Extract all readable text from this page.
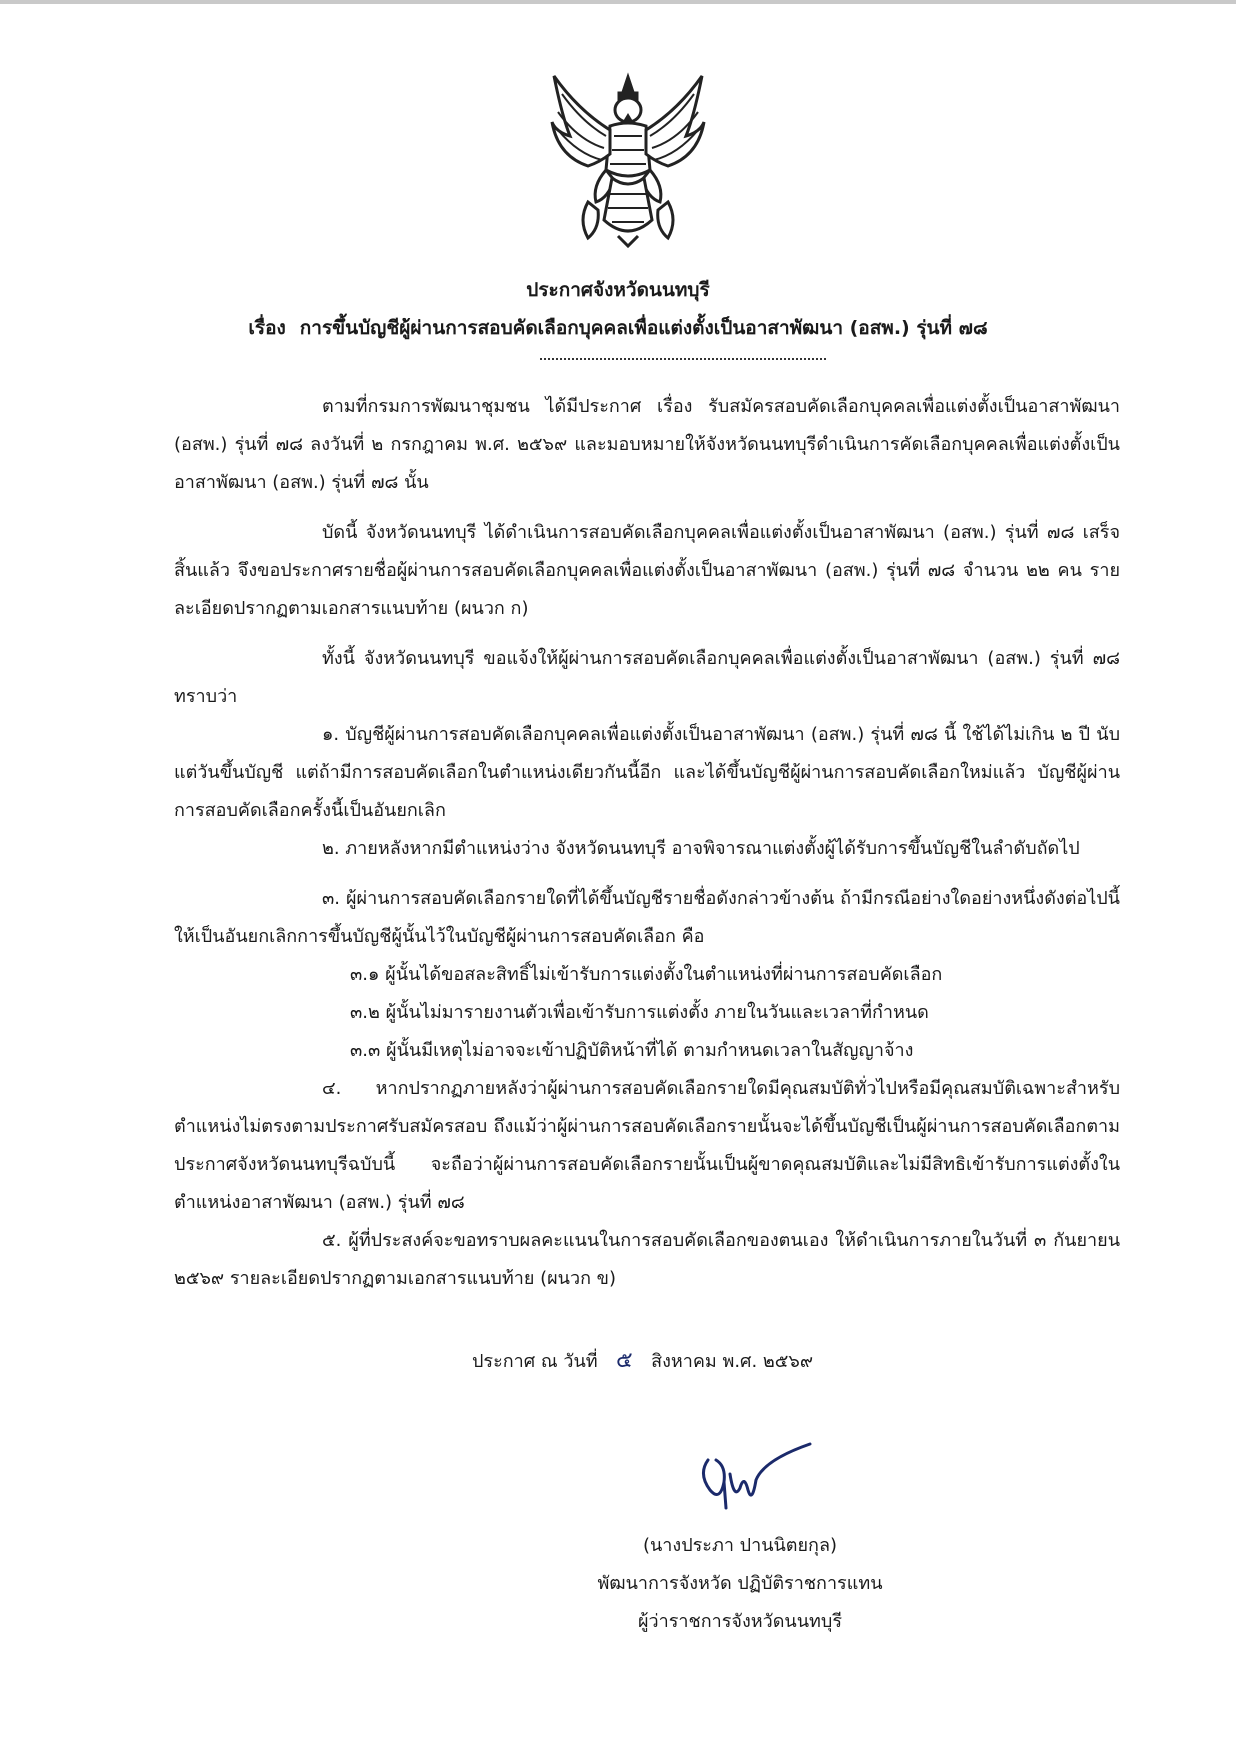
ประกาศจังหวัดนนทบุรี
เรื่อง การขึ้นบัญชีผู้ผ่านการสอบคัดเลือกบุคคลเพื่อแต่งตั้งเป็นอาสาพัฒนา (อสพ.) รุ่นที่ ๗๘

ตามที่กรมการพัฒนาชุมชน ได้มีประกาศ เรื่อง รับสมัครสอบคัดเลือกบุคคลเพื่อแต่งตั้งเป็นอาสาพัฒนา (อสพ.) รุ่นที่ ๗๘ ลงวันที่ ๒ กรกฎาคม พ.ศ. ๒๕๖๙ และมอบหมายให้จังหวัดนนทบุรีดำเนินการคัดเลือกบุคคลเพื่อแต่งตั้งเป็นอาสาพัฒนา (อสพ.) รุ่นที่ ๗๘ นั้น

บัดนี้ จังหวัดนนทบุรี ได้ดำเนินการสอบคัดเลือกบุคคลเพื่อแต่งตั้งเป็นอาสาพัฒนา (อสพ.) รุ่นที่ ๗๘ เสร็จสิ้นแล้ว จึงขอประกาศรายชื่อผู้ผ่านการสอบคัดเลือกบุคคลเพื่อแต่งตั้งเป็นอาสาพัฒนา (อสพ.) รุ่นที่ ๗๘ จำนวน ๒๒ คน รายละเอียดปรากฏตามเอกสารแนบท้าย (ผนวก ก)

ทั้งนี้ จังหวัดนนทบุรี ขอแจ้งให้ผู้ผ่านการสอบคัดเลือกบุคคลเพื่อแต่งตั้งเป็นอาสาพัฒนา (อสพ.) รุ่นที่ ๗๘ ทราบว่า

๑. บัญชีผู้ผ่านการสอบคัดเลือกบุคคลเพื่อแต่งตั้งเป็นอาสาพัฒนา (อสพ.) รุ่นที่ ๗๘ นี้ ใช้ได้ไม่เกิน ๒ ปี นับแต่วันขึ้นบัญชี แต่ถ้ามีการสอบคัดเลือกในตำแหน่งเดียวกันนี้อีก และได้ขึ้นบัญชีผู้ผ่านการสอบคัดเลือกใหม่แล้ว บัญชีผู้ผ่านการสอบคัดเลือกครั้งนี้เป็นอันยกเลิก

๒. ภายหลังหากมีตำแหน่งว่าง จังหวัดนนทบุรี อาจพิจารณาแต่งตั้งผู้ได้รับการขึ้นบัญชีในลำดับถัดไป

๓. ผู้ผ่านการสอบคัดเลือกรายใดที่ได้ขึ้นบัญชีรายชื่อดังกล่าวข้างต้น ถ้ามีกรณีอย่างใดอย่างหนึ่งดังต่อไปนี้ ให้เป็นอันยกเลิกการขึ้นบัญชีผู้นั้นไว้ในบัญชีผู้ผ่านการสอบคัดเลือก คือ

๓.๑ ผู้นั้นได้ขอสละสิทธิ์ไม่เข้ารับการแต่งตั้งในตำแหน่งที่ผ่านการสอบคัดเลือก

๓.๒ ผู้นั้นไม่มารายงานตัวเพื่อเข้ารับการแต่งตั้ง ภายในวันและเวลาที่กำหนด

๓.๓ ผู้นั้นมีเหตุไม่อาจจะเข้าปฏิบัติหน้าที่ได้ ตามกำหนดเวลาในสัญญาจ้าง

๔. หากปรากฏภายหลังว่าผู้ผ่านการสอบคัดเลือกรายใดมีคุณสมบัติทั่วไปหรือมีคุณสมบัติเฉพาะสำหรับตำแหน่งไม่ตรงตามประกาศรับสมัครสอบ ถึงแม้ว่าผู้ผ่านการสอบคัดเลือกรายนั้นจะได้ขึ้นบัญชีเป็นผู้ผ่านการสอบคัดเลือกตามประกาศจังหวัดนนทบุรีฉบับนี้ จะถือว่าผู้ผ่านการสอบคัดเลือกรายนั้นเป็นผู้ขาดคุณสมบัติและไม่มีสิทธิเข้ารับการแต่งตั้งในตำแหน่งอาสาพัฒนา (อสพ.) รุ่นที่ ๗๘

๕. ผู้ที่ประสงค์จะขอทราบผลคะแนนในการสอบคัดเลือกของตนเอง ให้ดำเนินการภายในวันที่ ๓ กันยายน ๒๕๖๙ รายละเอียดปรากฏตามเอกสารแนบท้าย (ผนวก ข)

ประกาศ ณ วันที่ ๕ สิงหาคม พ.ศ. ๒๕๖๙
(นางประภา ปานนิตยกุล)
พัฒนาการจังหวัด ปฏิบัติราชการแทน
ผู้ว่าราชการจังหวัดนนทบุรี
